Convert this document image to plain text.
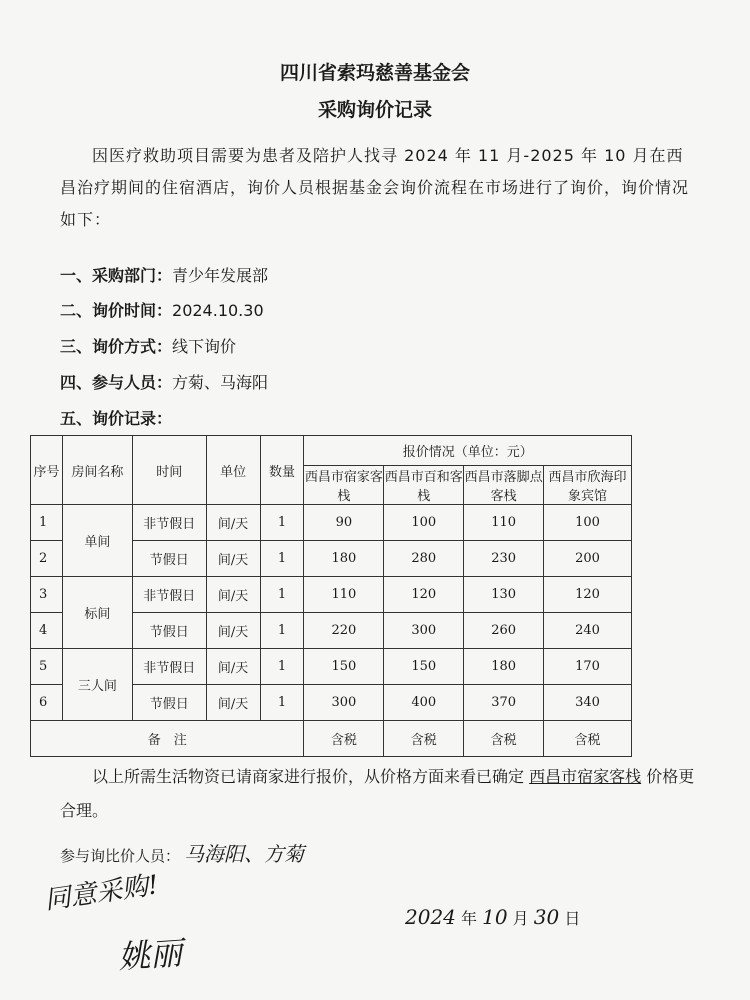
四川省索玛慈善基金会
采购询价记录
因医疗救助项目需要为患者及陪护人找寻 2024 年 11 月-2025 年 10 月在西昌治疗期间的住宿酒店，询价人员根据基金会询价流程在市场进行了询价，询价情况如下：
一、采购部门：青少年发展部
二、询价时间：2024.10.30
三、询价方式：线下询价
四、参与人员：方菊、马海阳
五、询价记录：
序号	房间名称	时间	单位	数量	报价情况（单位：元）			
					西昌市宿家客栈	西昌市百和客栈	西昌市落脚点客栈	西昌市欣海印象宾馆
1	单间	非节假日	间/天	1	90	100	110	100
2		节假日	间/天	1	180	280	230	200
3	标间	非节假日	间/天	1	110	120	130	120
4		节假日	间/天	1	220	300	260	240
5	三人间	非节假日	间/天	1	150	150	180	170
6		节假日	间/天	1	300	400	370	340
备　注					含税	含税	含税	含税
以上所需生活物资已请商家进行报价，从价格方面来看已确定 西昌市宿家客栈 价格更合理。
参与询比价人员： 马海阳、方菊
同意采购!
姚丽
2024 年 10 月 30 日
